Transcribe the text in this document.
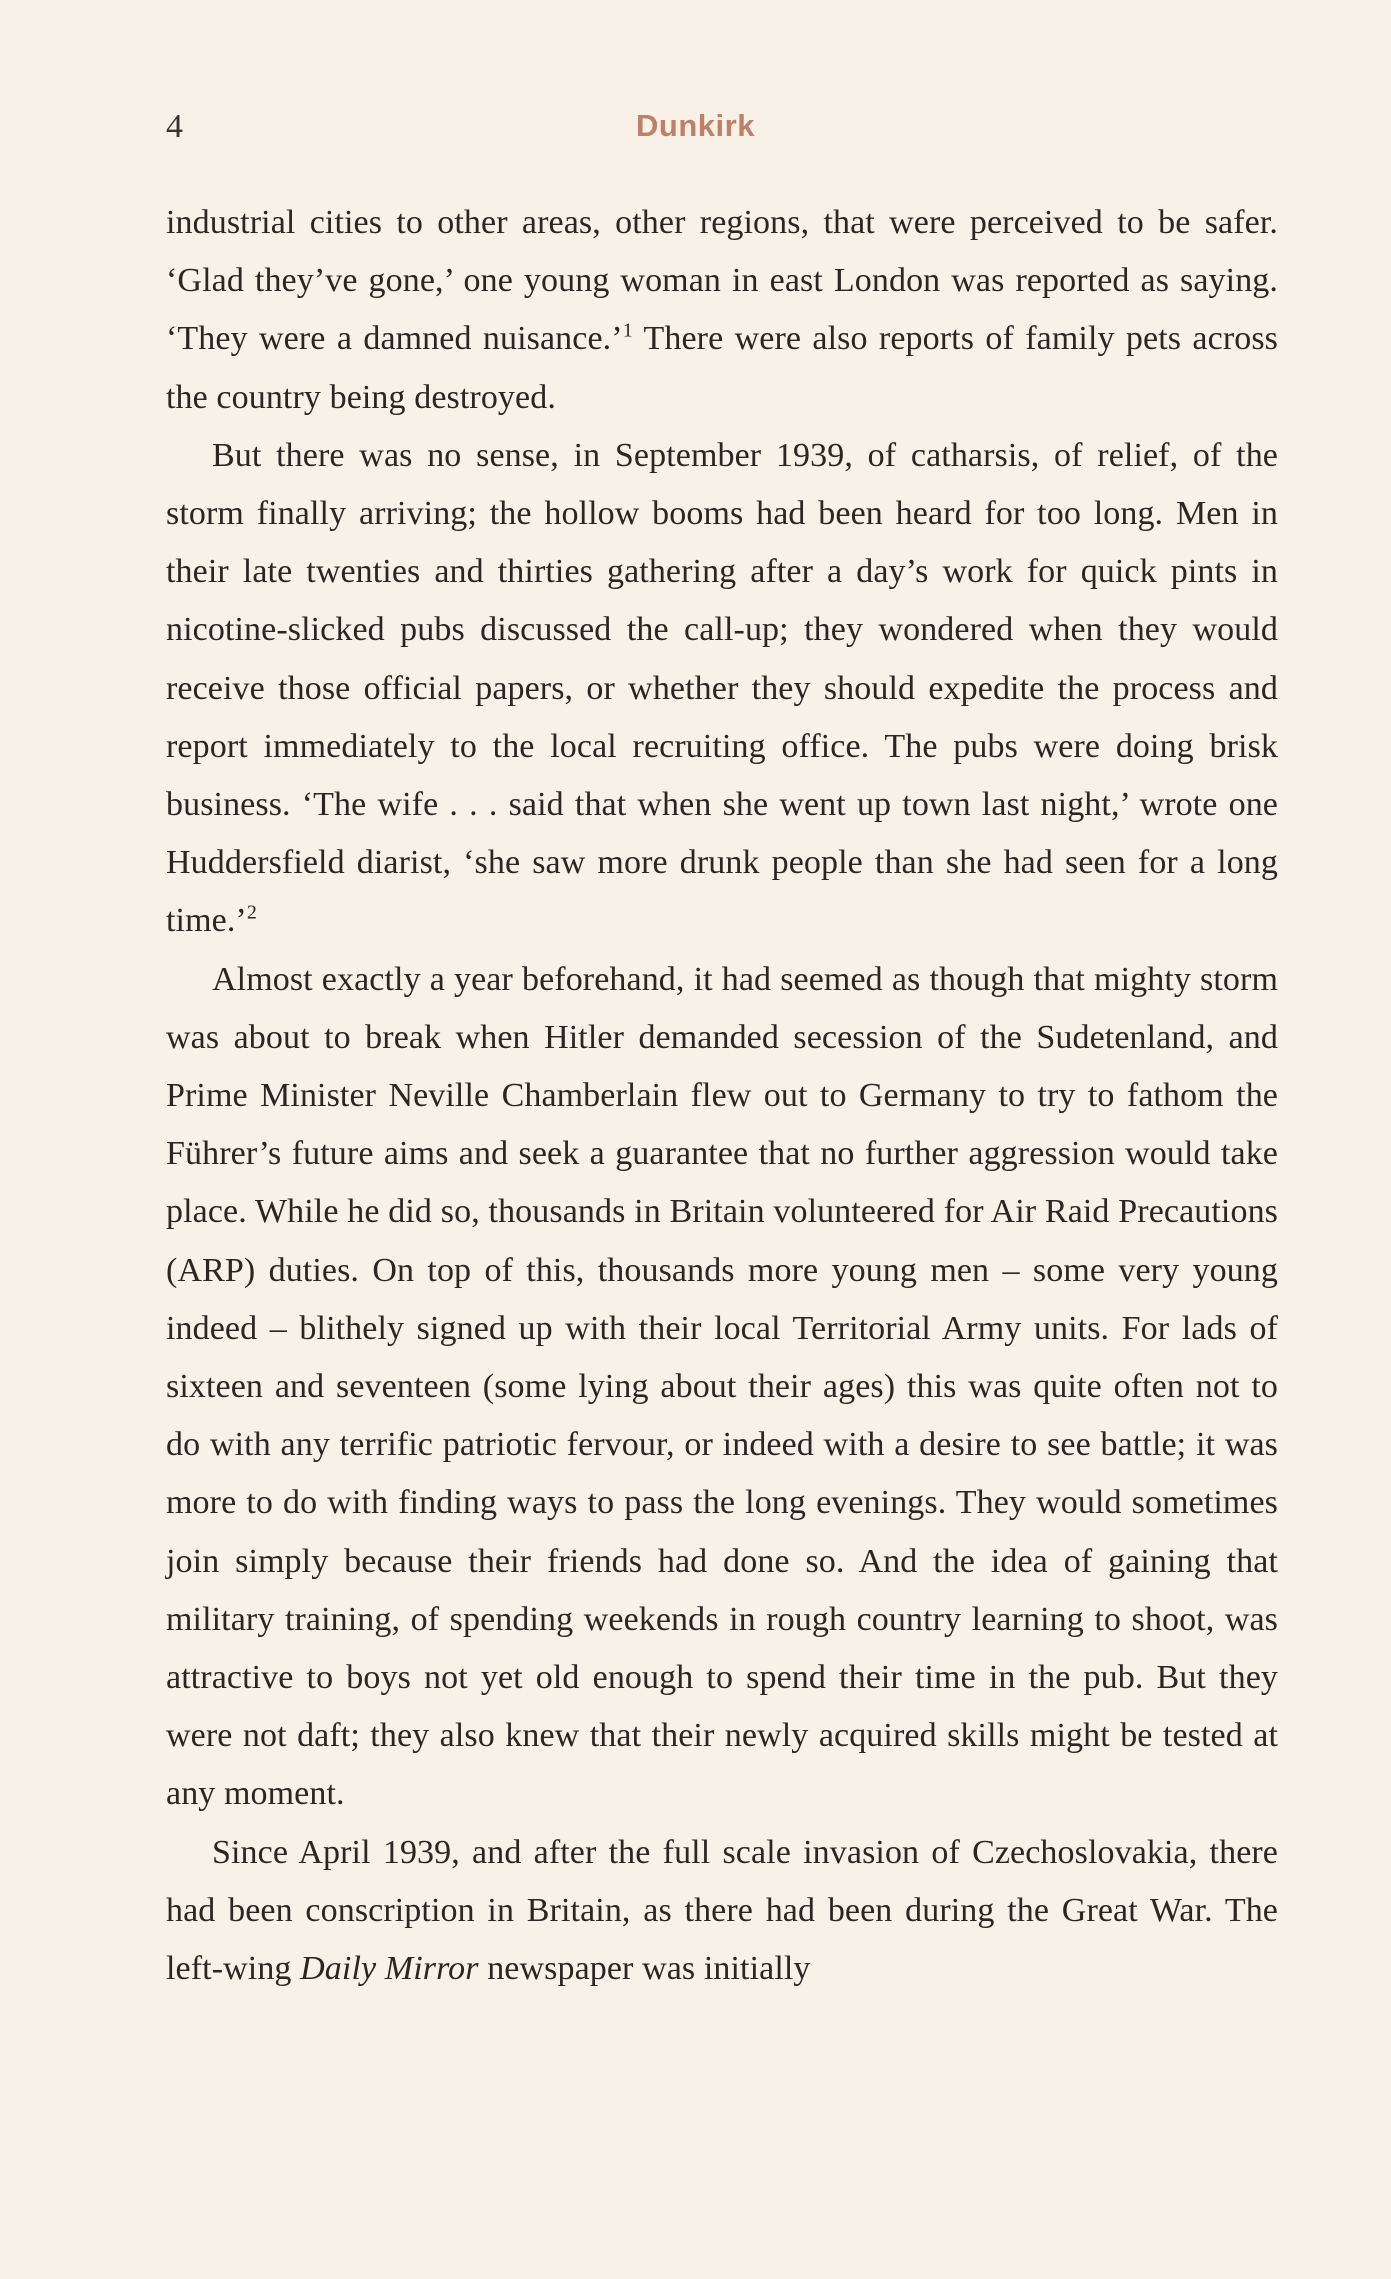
4	Dunkirk

industrial cities to other areas, other regions, that were perceived to be safer. ‘Glad they’ve gone,’ one young woman in east London was reported as saying. ‘They were a damned nuisance.’$^1$ There were also reports of family pets across the country being destroyed.

But there was no sense, in September 1939, of catharsis, of relief, of the storm finally arriving; the hollow booms had been heard for too long. Men in their late twenties and thirties gathering after a day’s work for quick pints in nicotine-slicked pubs discussed the call-up; they wondered when they would receive those official papers, or whether they should expedite the process and report immediately to the local recruiting office. The pubs were doing brisk business. ‘The wife . . . said that when she went up town last night,’ wrote one Huddersfield diarist, ‘she saw more drunk people than she had seen for a long time.’$^2$

Almost exactly a year beforehand, it had seemed as though that mighty storm was about to break when Hitler demanded secession of the Sudetenland, and Prime Minister Neville Chamberlain flew out to Germany to try to fathom the Führer’s future aims and seek a guarantee that no further aggression would take place. While he did so, thousands in Britain volunteered for Air Raid Precautions (ARP) duties. On top of this, thousands more young men – some very young indeed – blithely signed up with their local Territorial Army units. For lads of sixteen and seventeen (some lying about their ages) this was quite often not to do with any terrific patriotic fervour, or indeed with a desire to see battle; it was more to do with finding ways to pass the long evenings. They would sometimes join simply because their friends had done so. And the idea of gaining that military training, of spending weekends in rough country learning to shoot, was attractive to boys not yet old enough to spend their time in the pub. But they were not daft; they also knew that their newly acquired skills might be tested at any moment.

Since April 1939, and after the full scale invasion of Czechoslovakia, there had been conscription in Britain, as there had been during the Great War. The left-wing Daily Mirror newspaper was initially
